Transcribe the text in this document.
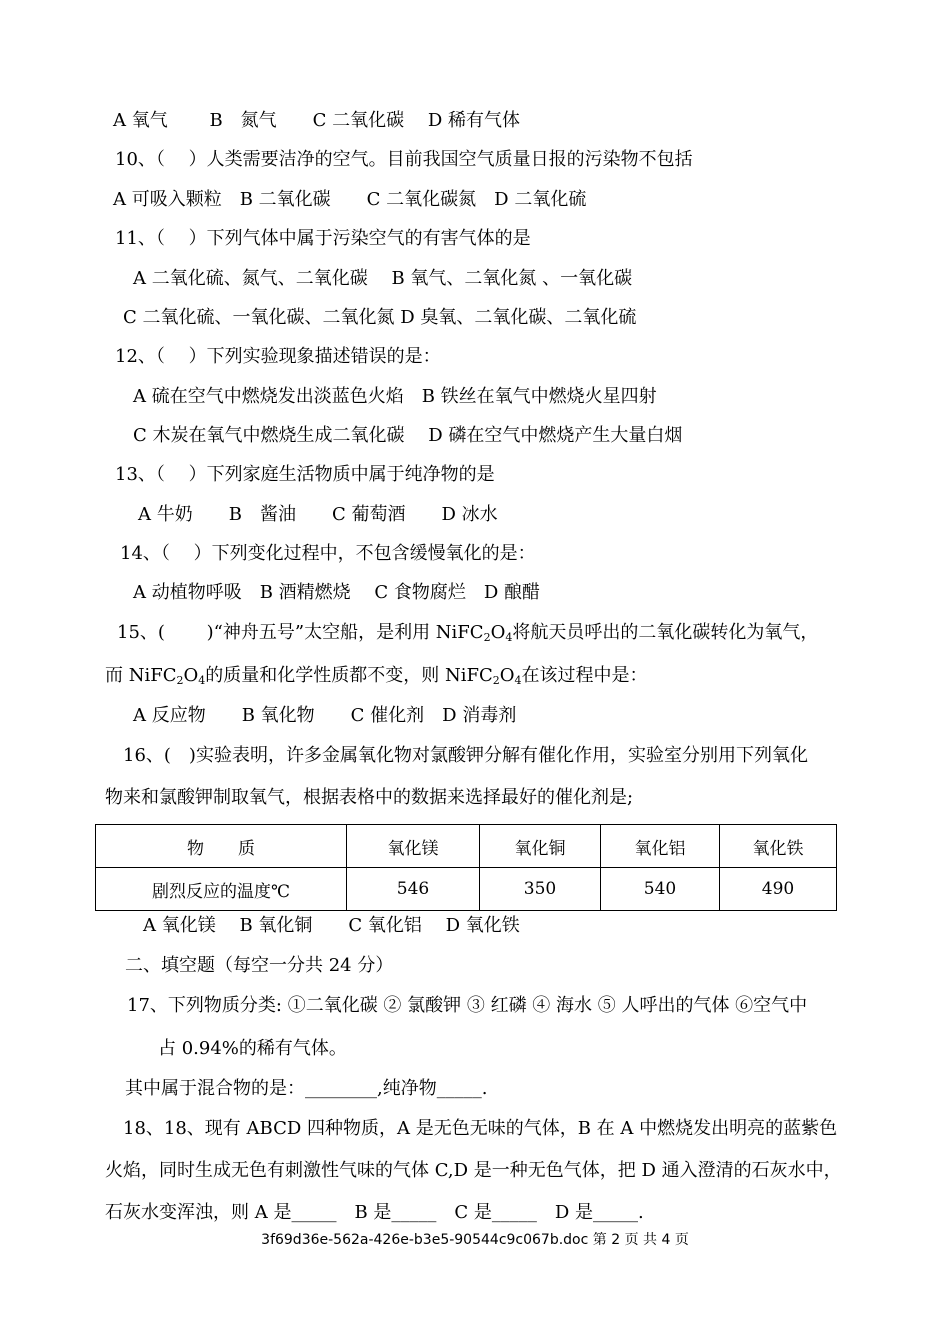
A 氧气　　 B　氮气　　C 二氧化碳　 D 稀有气体
10、（　 ）人类需要洁净的空气。目前我国空气质量日报的污染物不包括
A 可吸入颗粒　B 二氧化碳　　C 二氧化碳氮　D 二氧化硫
11、（　 ）下列气体中属于污染空气的有害气体的是
A 二氧化硫、氮气、二氧化碳　 B 氧气、二氧化氮 、一氧化碳
C 二氧化硫、一氧化碳、二氧化氮 D 臭氧、二氧化碳、二氧化硫
12、（　 ）下列实验现象描述错误的是：
A 硫在空气中燃烧发出淡蓝色火焰　B 铁丝在氧气中燃烧火星四射
C 木炭在氧气中燃烧生成二氧化碳　 D 磷在空气中燃烧产生大量白烟
13、（　 ）下列家庭生活物质中属于纯净物的是
A 牛奶　　B　酱油　　C 葡萄酒　　D 冰水
14、（　 ）下列变化过程中，不包含缓慢氧化的是：
A 动植物呼吸　B 酒精燃烧　 C 食物腐烂　D 酿醋
15、(　　 )“神舟五号”太空船，是利用 $NiFC_2O_4$将航天员呼出的二氧化碳转化为氧气，
而 $NiFC_2O_4$的质量和化学性质都不变，则 $NiFC_2O_4$在该过程中是：
A 反应物　　B 氧化物　　C 催化剂　D 消毒剂
16、(　)实验表明，许多金属氧化物对氯酸钾分解有催化作用，实验室分别用下列氧化
物来和氯酸钾制取氧气，根据表格中的数据来选择最好的催化剂是;
物　　质	氧化镁	氧化铜	氧化铝	氧化铁
剧烈反应的温度℃	546	350	540	490
A 氧化镁　 B 氧化铜　　C 氧化铝　 D 氧化铁
二、填空题（每空一分共 24 分）
17、下列物质分类: ①二氧化碳 ② 氯酸钾 ③ 红磷 ④ 海水 ⑤ 人呼出的气体 ⑥空气中
占 0.94%的稀有气体。
其中属于混合物的是：________,纯净物_____.
18、18、现有 ABCD 四种物质，A 是无色无味的气体，B 在 A 中燃烧发出明亮的蓝紫色
火焰，同时生成无色有刺激性气味的气体 C,D 是一种无色气体，把 D 通入澄清的石灰水中，
石灰水变浑浊，则 A 是_____　B 是_____　C 是_____　D 是_____.
3f69d36e-562a-426e-b3e5-90544c9c067b.doc 第 2 页 共 4 页
